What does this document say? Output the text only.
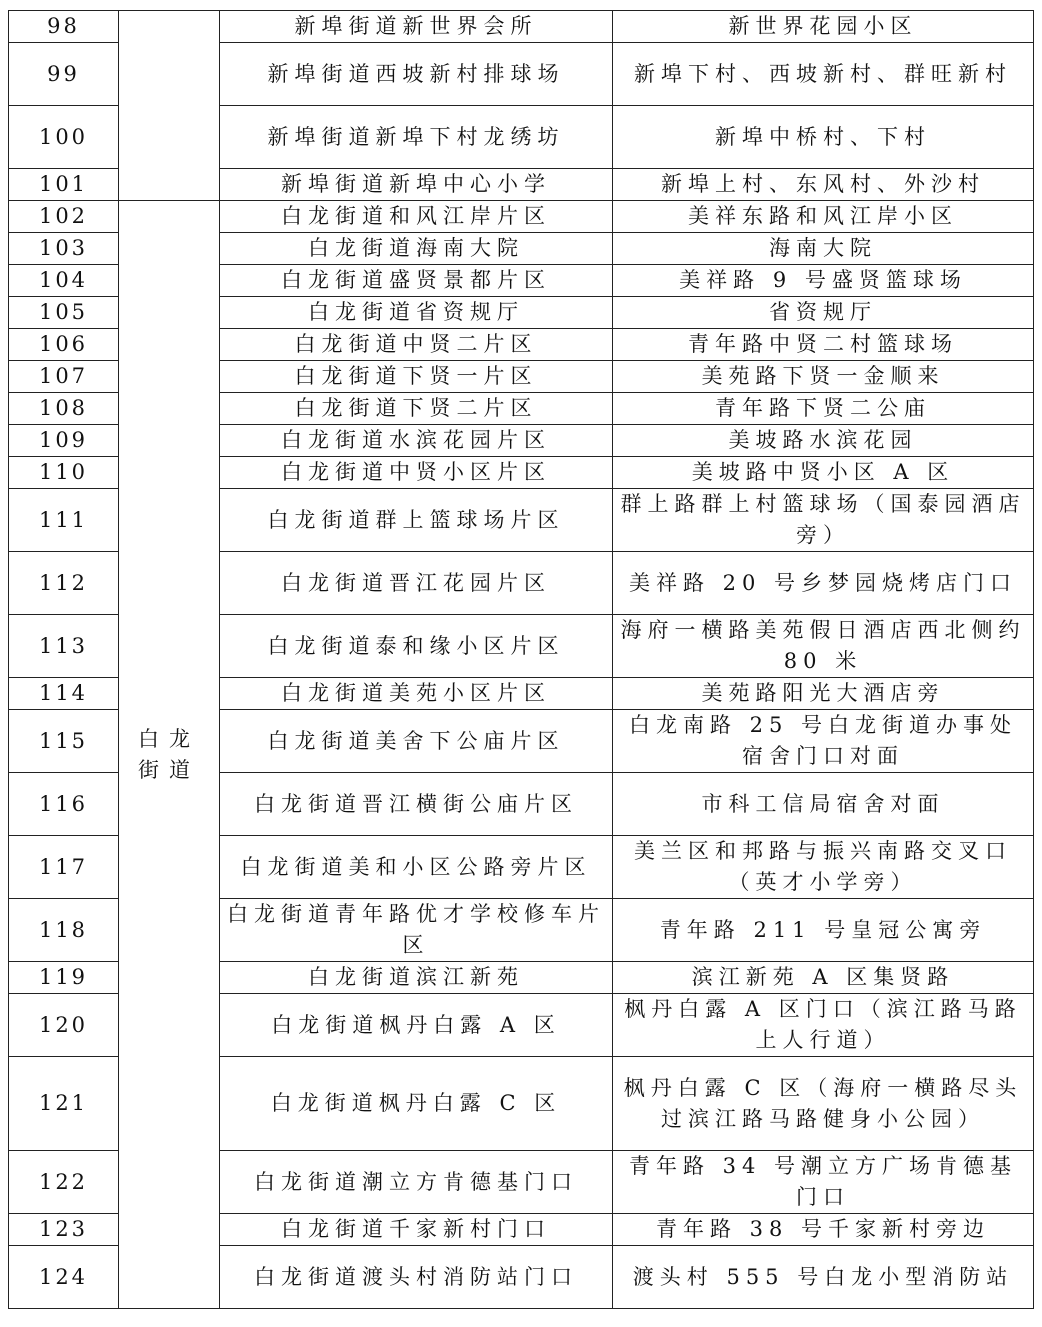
98		新埠街道新世界会所	新世界花园小区
99		新埠街道西坡新村排球场	新埠下村、西坡新村、群旺新村
100		新埠街道新埠下村龙绣坊	新埠中桥村、下村
101		新埠街道新埠中心小学	新埠上村、东风村、外沙村
102	白龙街道	白龙街道和风江岸片区	美祥东路和风江岸小区
103		白龙街道海南大院	海南大院
104		白龙街道盛贤景都片区	美祥路 9 号盛贤篮球场
105		白龙街道省资规厅	省资规厅
106		白龙街道中贤二片区	青年路中贤二村篮球场
107		白龙街道下贤一片区	美苑路下贤一金顺来
108		白龙街道下贤二片区	青年路下贤二公庙
109		白龙街道水滨花园片区	美坡路水滨花园
110		白龙街道中贤小区片区	美坡路中贤小区 A 区
111		白龙街道群上篮球场片区	群上路群上村篮球场（国泰园酒店旁）
112		白龙街道晋江花园片区	美祥路 20 号乡梦园烧烤店门口
113		白龙街道泰和缘小区片区	海府一横路美苑假日酒店西北侧约 80 米
114		白龙街道美苑小区片区	美苑路阳光大酒店旁
115		白龙街道美舍下公庙片区	白龙南路 25 号白龙街道办事处宿舍门口对面
116		白龙街道晋江横街公庙片区	市科工信局宿舍对面
117		白龙街道美和小区公路旁片区	美兰区和邦路与振兴南路交叉口（英才小学旁）
118		白龙街道青年路优才学校修车片区	青年路 211 号皇冠公寓旁
119		白龙街道滨江新苑	滨江新苑 A 区集贤路
120		白龙街道枫丹白露 A 区	枫丹白露 A 区门口（滨江路马路上人行道）
121		白龙街道枫丹白露 C 区	枫丹白露 C 区（海府一横路尽头过滨江路马路健身小公园）
122		白龙街道潮立方肯德基门口	青年路 34 号潮立方广场肯德基门口
123		白龙街道千家新村门口	青年路 38 号千家新村旁边
124		白龙街道渡头村消防站门口	渡头村 555 号白龙小型消防站
